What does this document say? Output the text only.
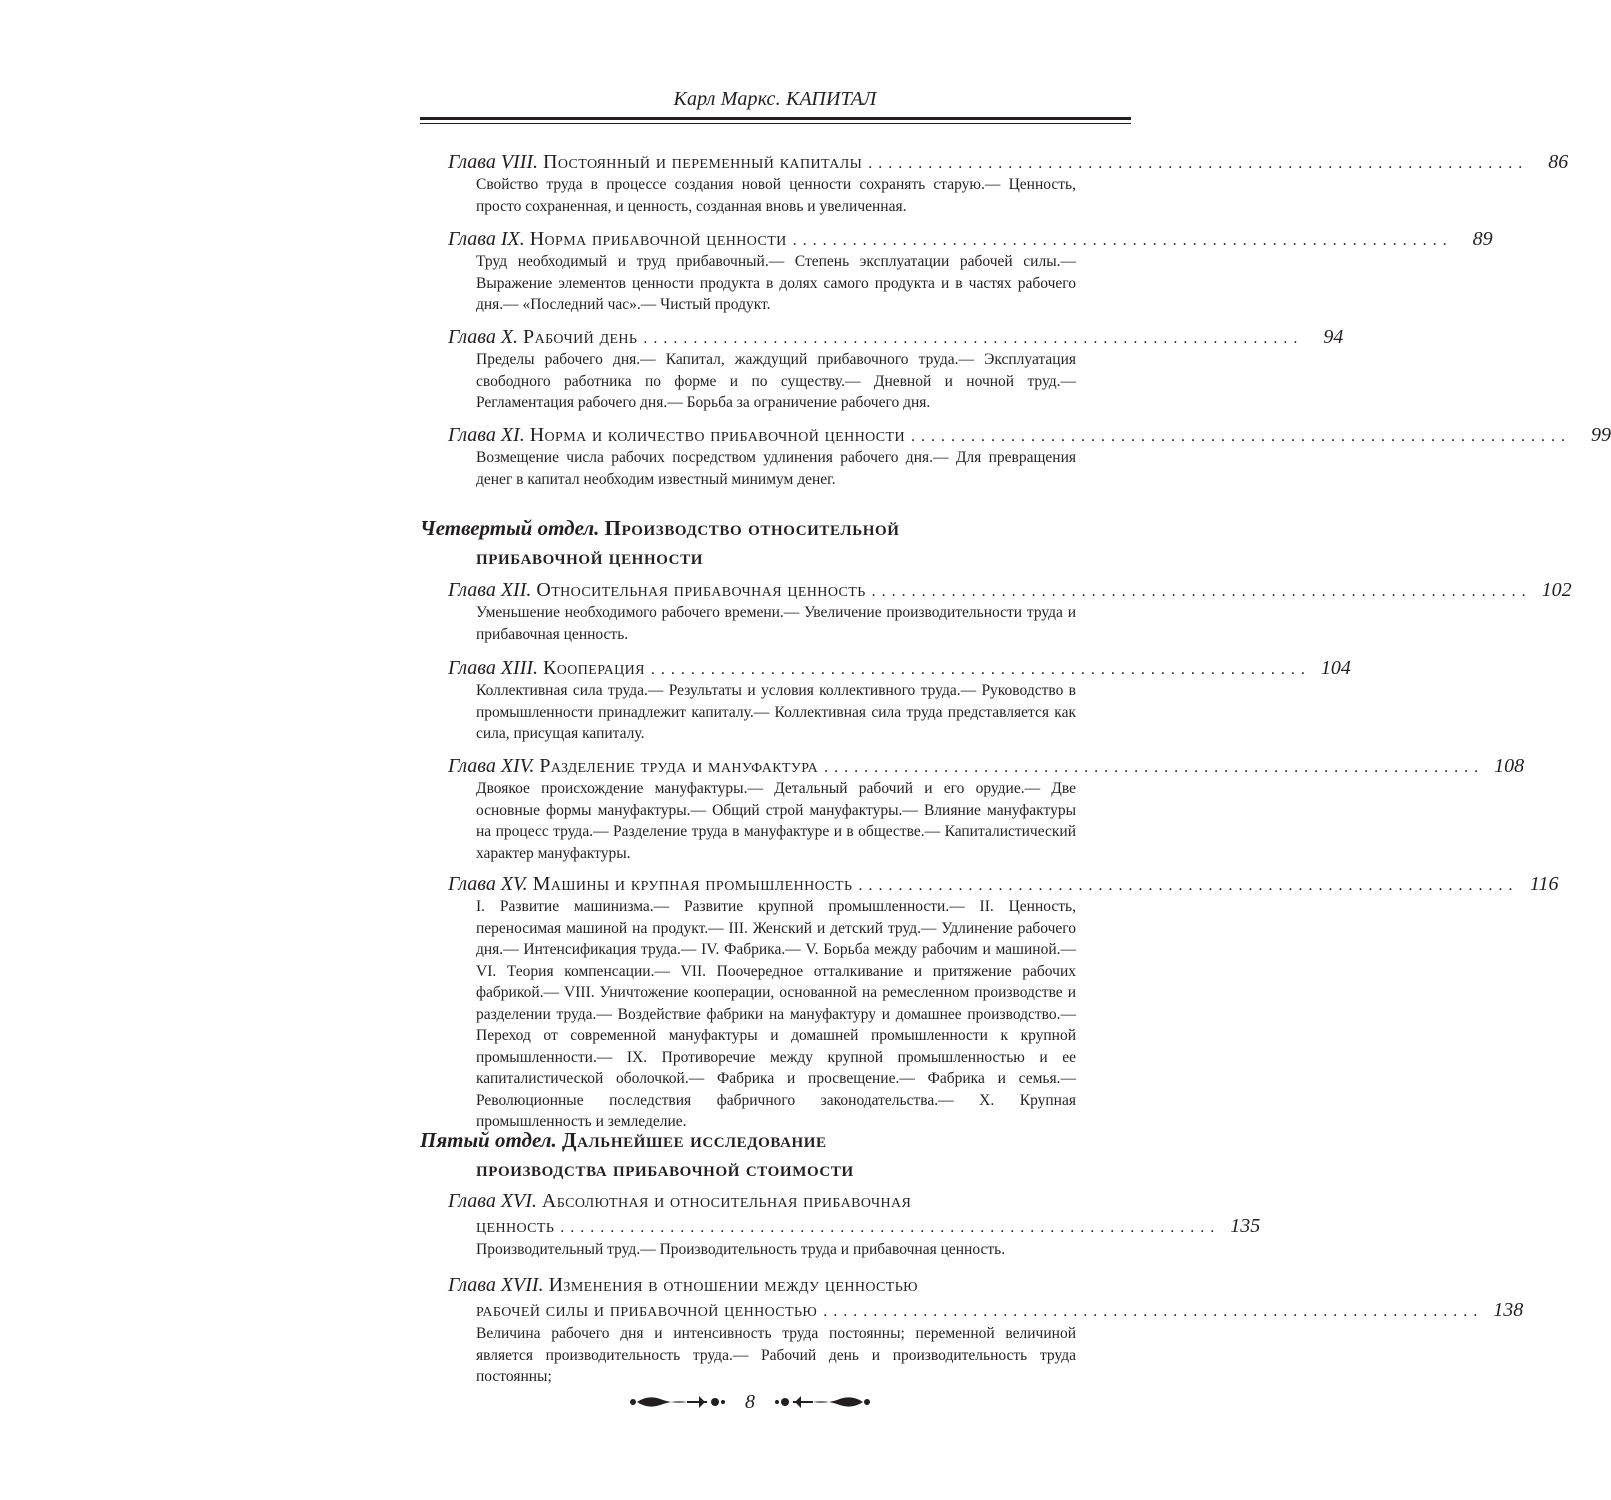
Карл Маркс. КАПИТАЛ
Глава VIII.
Постоянный и переменный капиталы ..................................................................	86
Свойство труда в процессе создания новой ценности сохранять старую.— Ценность, просто сохраненная, и ценность, созданная вновь и увеличенная.
Глава IX.
Норма прибавочной ценности ..................................................................	89
Труд необходимый и труд прибавочный.— Степень эксплуатации рабочей силы.— Выражение элементов ценности продукта в долях самого продукта и в частях рабочего дня.— «Последний час».— Чистый продукт.
Глава X.
Рабочий день ..................................................................	94
Пределы рабочего дня.— Капитал, жаждущий прибавочного труда.— Эксплуатация свободного работника по форме и по существу.— Дневной и ночной труд.— Регламентация рабочего дня.— Борьба за ограничение рабочего дня.
Глава XI.
Норма и количество прибавочной ценности ..................................................................	99
Возмещение числа рабочих посредством удлинения рабочего дня.— Для превращения денег в капитал необходим известный минимум денег.
Четвертый отдел. Производство относительной
прибавочной ценности
Глава XII.
Относительная прибавочная ценность .................................................................. 102
Уменьшение необходимого рабочего времени.— Увеличение производительности труда и прибавочная ценность.
Глава XIII.
Кооперация .................................................................. 104
Коллективная сила труда.— Результаты и условия коллективного труда.— Руководство в промышленности принадлежит капиталу.— Коллективная сила труда представляется как сила, присущая капиталу.
Глава XIV.
Разделение труда и мануфактура .................................................................. 108
Двоякое происхождение мануфактуры.— Детальный рабочий и его орудие.— Две основные формы мануфактуры.— Общий строй мануфактуры.— Влияние мануфактуры на процесс труда.— Разделение труда в мануфактуре и в обществе.— Капиталистический характер мануфактуры.
Глава XV.
Машины и крупная промышленность .................................................................. 116
I. Развитие машинизма.— Развитие крупной промышленности.— II. Ценность, переносимая машиной на продукт.— III. Женский и детский труд.— Удлинение рабочего дня.— Интенсификация труда.— IV. Фабрика.— V. Борьба между рабочим и машиной.— VI. Теория компенсации.— VII. Поочередное отталкивание и притяжение рабочих фабрикой.— VIII. Уничтожение кооперации, основанной на ремесленном производстве и разделении труда.— Воздействие фабрики на мануфактуру и домашнее производство.— Переход от современной мануфактуры и домашней промышленности к крупной промышленности.— IX. Противоречие между крупной промышленностью и ее капиталистической оболочкой.— Фабрика и просвещение.— Фабрика и семья.— Революционные последствия фабричного законодательства.— X. Крупная промышленность и земледелие.
Пятый отдел. Дальнейшее исследование
производства прибавочной стоимости
Глава XVI. Абсолютная и относительная прибавочная
ценность .................................................................. 135
Производительный труд.— Производительность труда и прибавочная ценность.
Глава XVII. Изменения в отношении между ценностью
рабочей силы и прибавочной ценностью .................................................................. 138
Величина рабочего дня и интенсивность труда постоянны; переменной величиной является производительность труда.— Рабочий день и производительность труда постоянны;
8
